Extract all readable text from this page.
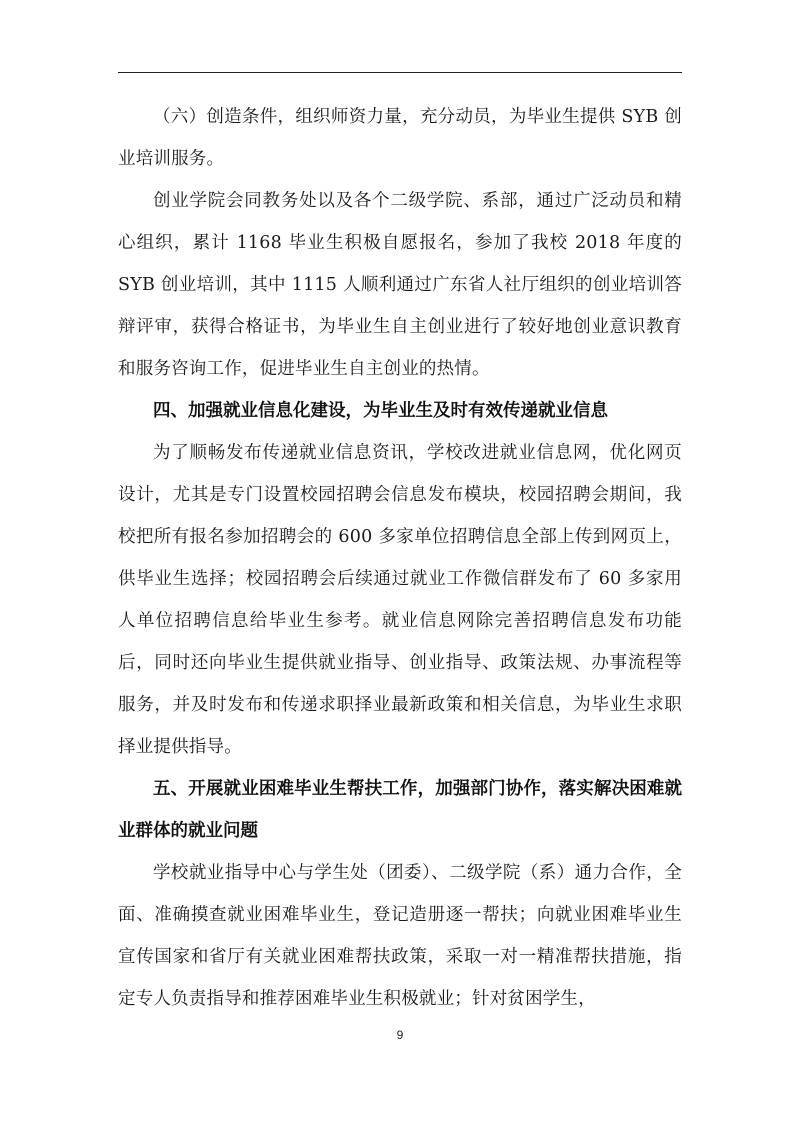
（六）创造条件，组织师资力量，充分动员，为毕业生提供 SYB 创业培训服务。

创业学院会同教务处以及各个二级学院、系部，通过广泛动员和精心组织，累计 1168 毕业生积极自愿报名，参加了我校 2018 年度的 SYB 创业培训，其中 1115 人顺利通过广东省人社厅组织的创业培训答辩评审，获得合格证书，为毕业生自主创业进行了较好地创业意识教育和服务咨询工作，促进毕业生自主创业的热情。

四、加强就业信息化建设，为毕业生及时有效传递就业信息

为了顺畅发布传递就业信息资讯，学校改进就业信息网，优化网页设计，尤其是专门设置校园招聘会信息发布模块，校园招聘会期间，我校把所有报名参加招聘会的 600 多家单位招聘信息全部上传到网页上，供毕业生选择；校园招聘会后续通过就业工作微信群发布了 60 多家用人单位招聘信息给毕业生参考。就业信息网除完善招聘信息发布功能后，同时还向毕业生提供就业指导、创业指导、政策法规、办事流程等服务，并及时发布和传递求职择业最新政策和相关信息，为毕业生求职择业提供指导。

五、开展就业困难毕业生帮扶工作，加强部门协作，落实解决困难就业群体的就业问题

学校就业指导中心与学生处（团委）、二级学院（系）通力合作，全面、准确摸查就业困难毕业生，登记造册逐一帮扶；向就业困难毕业生宣传国家和省厅有关就业困难帮扶政策，采取一对一精准帮扶措施，指定专人负责指导和推荐困难毕业生积极就业；针对贫困学生，

9
